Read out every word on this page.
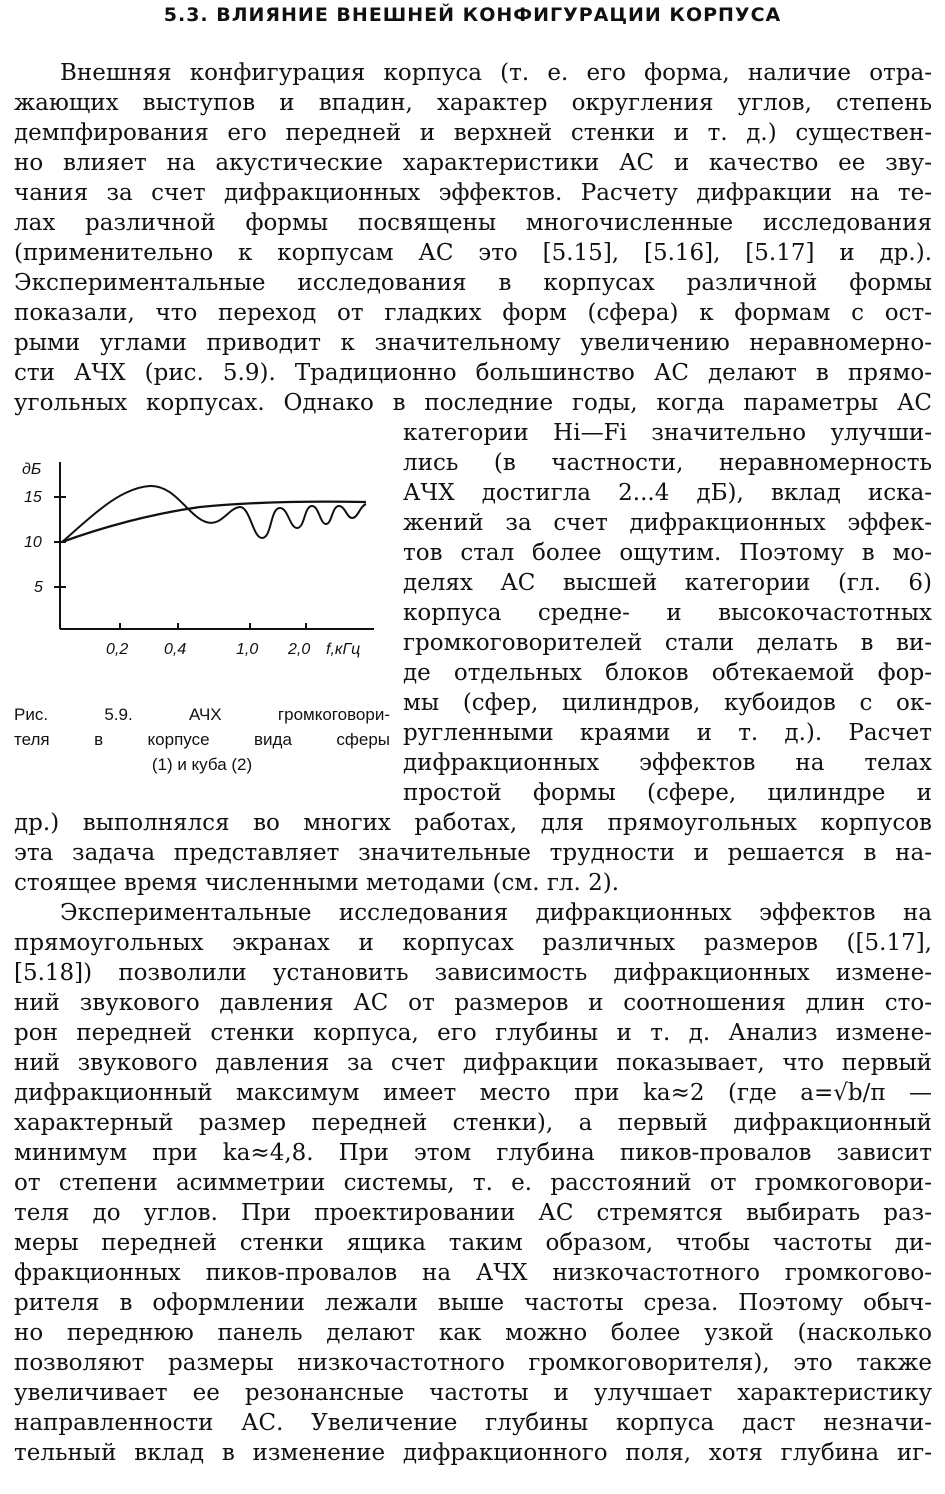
5.3. ВЛИЯНИЕ ВНЕШНЕЙ КОНФИГУРАЦИИ КОРПУСА
Внешняя конфигурация корпуса (т. е. его форма, наличие отра-
жающих выступов и впадин, характер округления углов, степень
демпфирования его передней и верхней стенки и т. д.) существен-
но влияет на акустические характеристики АС и качество ее зву-
чания за счет дифракционных эффектов. Расчету дифракции на те-
лах различной формы посвящены многочисленные исследования
(применительно к корпусам АС это [5.15], [5.16], [5.17] и др.).
Экспериментальные исследования в корпусах различной формы
показали, что переход от гладких форм (сфера) к формам с ост-
рыми углами приводит к значительному увеличению неравномерно-
сти АЧХ (рис. 5.9). Традиционно большинство АС делают в прямо-
угольных корпусах. Однако в последние годы, когда параметры АС
категории Hi—Fi значительно улучши-
лись (в частности, неравномерность
АЧХ достигла 2...4 дБ), вклад иска-
жений за счет дифракционных эффек-
тов стал более ощутим. Поэтому в мо-
делях АС высшей категории (гл. 6)
корпуса средне- и высокочастотных
громкоговорителей стали делать в ви-
де отдельных блоков обтекаемой фор-
мы (сфер, цилиндров, кубоидов с ок-
ругленными краями и т. д.). Расчет
дифракционных эффектов на телах
простой формы (сфере, цилиндре и
др.) выполнялся во многих работах, для прямоугольных корпусов
эта задача представляет значительные трудности и решается в на-
стоящее время численными методами (см. гл. 2).
Экспериментальные исследования дифракционных эффектов на
прямоугольных экранах и корпусах различных размеров ([5.17],
[5.18]) позволили установить зависимость дифракционных измене-
ний звукового давления АС от размеров и соотношения длин сто-
рон передней стенки корпуса, его глубины и т. д. Анализ измене-
ний звукового давления за счет дифракции показывает, что первый
дифракционный максимум имеет место при ka≈2 (где a=√b/π —
характерный размер передней стенки), а первый дифракционный
минимум при ka≈4,8. При этом глубина пиков-провалов зависит
от степени асимметрии системы, т. е. расстояний от громкоговори-
теля до углов. При проектировании АС стремятся выбирать раз-
меры передней стенки ящика таким образом, чтобы частоты ди-
фракционных пиков-провалов на АЧХ низкочастотного громкогово-
рителя в оформлении лежали выше частоты среза. Поэтому обыч-
но переднюю панель делают как можно более узкой (насколько
позволяют размеры низкочастотного громкоговорителя), это также
увеличивает ее резонансные частоты и улучшает характеристику
направленности АС. Увеличение глубины корпуса даст незначи-
тельный вклад в изменение дифракционного поля, хотя глубина иг-
дБ
15
10
5
0,2 0,4	1,0 2,0 f,кГц
Рис. 5.9. АЧХ громкоговори-
теля в корпусе вида сферы
(1) и куба (2)
